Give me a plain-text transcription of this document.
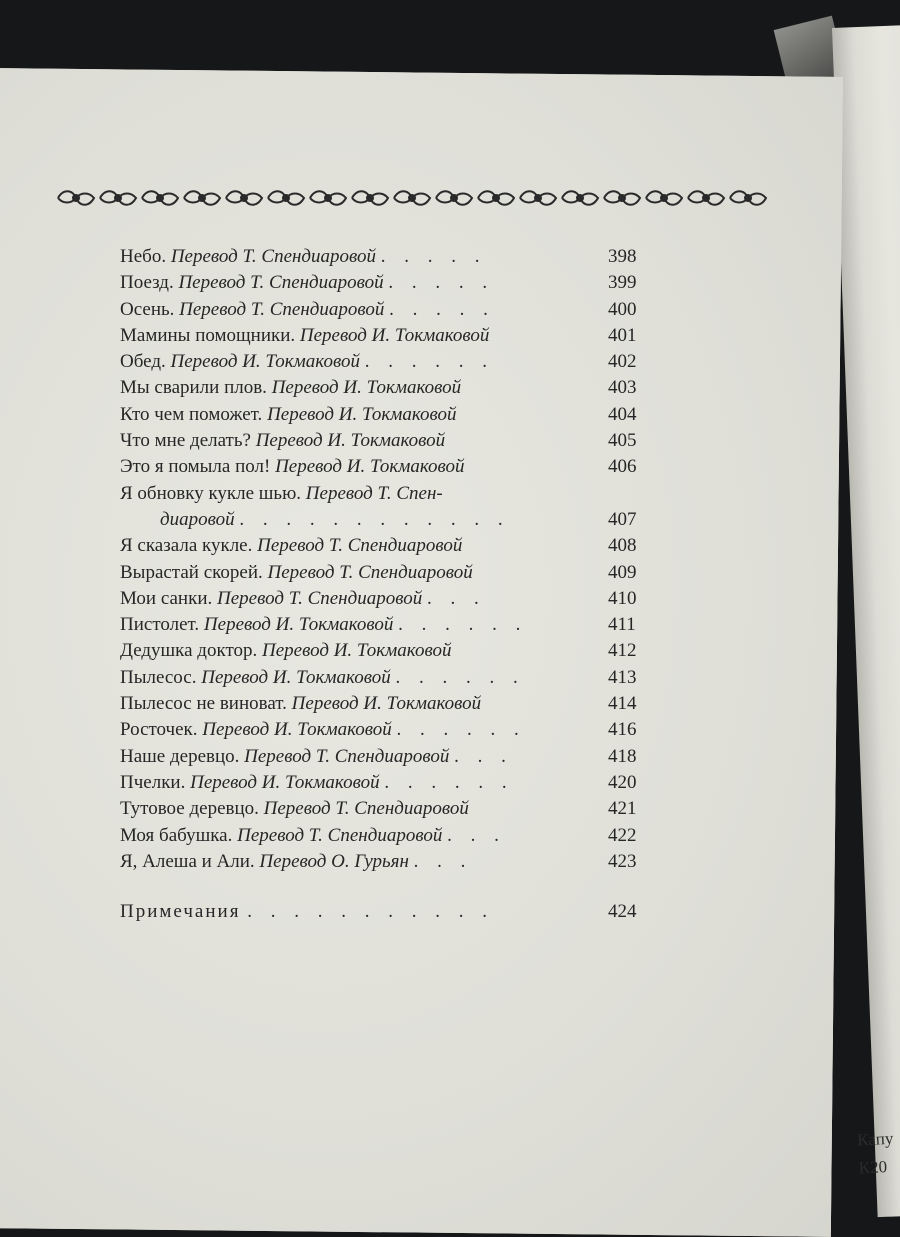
Капу
К20
Небо. Перевод Т. Спендиаровой . . . . .	398
Поезд. Перевод Т. Спендиаровой . . . . .	399
Осень. Перевод Т. Спендиаровой . . . . .	400
Мамины помощники. Перевод И. Токмаковой	401
Обед. Перевод И. Токмаковой . . . . . .	402
Мы сварили плов. Перевод И. Токмаковой	403
Кто чем поможет. Перевод И. Токмаковой	404
Что мне делать? Перевод И. Токмаковой	405
Это я помыла пол! Перевод И. Токмаковой	406
Я обновку кукле шью. Перевод Т. Спен-
диаровой . . . . . . . . . . . .	407
Я сказала кукле. Перевод Т. Спендиаровой	408
Вырастай скорей. Перевод Т. Спендиаровой	409
Мои санки. Перевод Т. Спендиаровой . . .	410
Пистолет. Перевод И. Токмаковой . . . . . .	411
Дедушка доктор. Перевод И. Токмаковой	412
Пылесос. Перевод И. Токмаковой . . . . . .	413
Пылесос не виноват. Перевод И. Токмаковой	414
Росточек. Перевод И. Токмаковой . . . . . .	416
Наше деревцо. Перевод Т. Спендиаровой . . .	418
Пчелки. Перевод И. Токмаковой . . . . . .	420
Тутовое деревцо. Перевод Т. Спендиаровой	421
Моя бабушка. Перевод Т. Спендиаровой . . .	422
Я, Алеша и Али. Перевод О. Гурьян . . .	423
Примечания . . . . . . . . . . .	424
